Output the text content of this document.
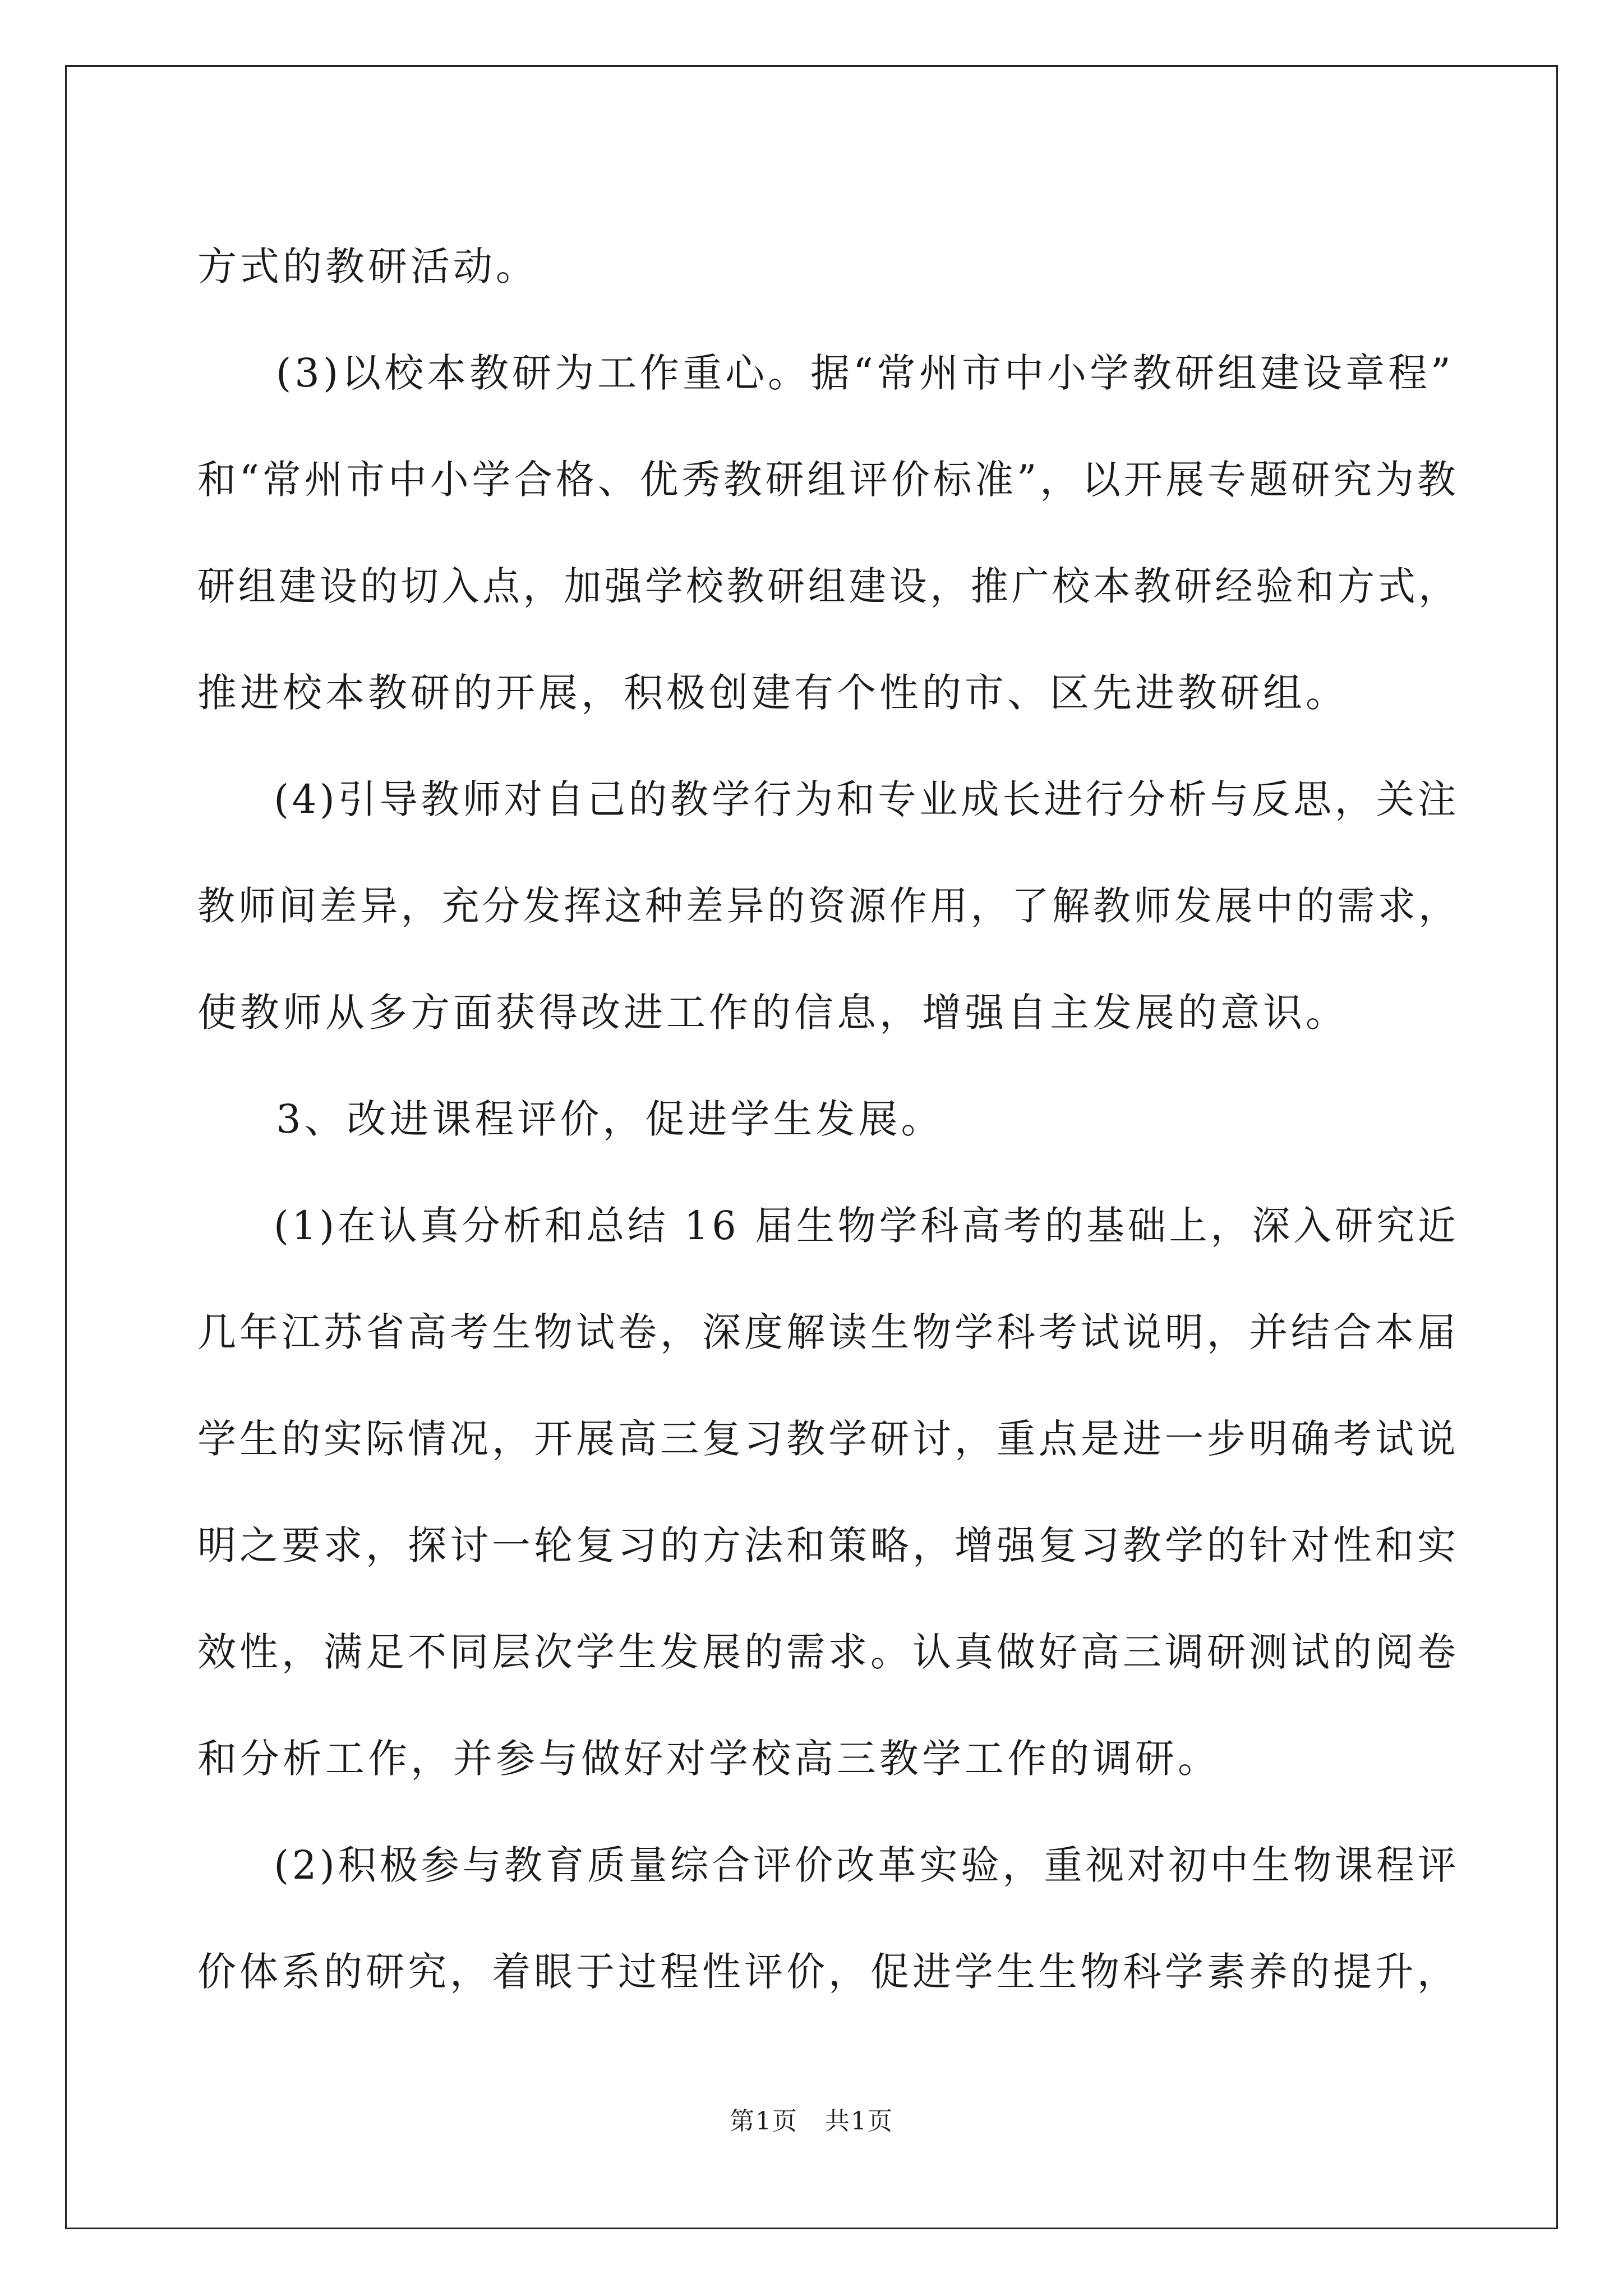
方式的教研活动。
(3)以校本教研为工作重心。据“常州市中小学教研组建设章程”
和“常州市中小学合格、优秀教研组评价标准”，以开展专题研究为教
研组建设的切入点，加强学校教研组建设，推广校本教研经验和方式，
推进校本教研的开展，积极创建有个性的市、区先进教研组。
(4)引导教师对自己的教学行为和专业成长进行分析与反思，关注
教师间差异，充分发挥这种差异的资源作用，了解教师发展中的需求，
使教师从多方面获得改进工作的信息，增强自主发展的意识。
3、改进课程评价，促进学生发展。
(1)在认真分析和总结 16 届生物学科高考的基础上，深入研究近
几年江苏省高考生物试卷，深度解读生物学科考试说明，并结合本届
学生的实际情况，开展高三复习教学研讨，重点是进一步明确考试说
明之要求，探讨一轮复习的方法和策略，增强复习教学的针对性和实
效性，满足不同层次学生发展的需求。认真做好高三调研测试的阅卷
和分析工作，并参与做好对学校高三教学工作的调研。
(2)积极参与教育质量综合评价改革实验，重视对初中生物课程评
价体系的研究，着眼于过程性评价，促进学生生物科学素养的提升，
第1页   共1页
